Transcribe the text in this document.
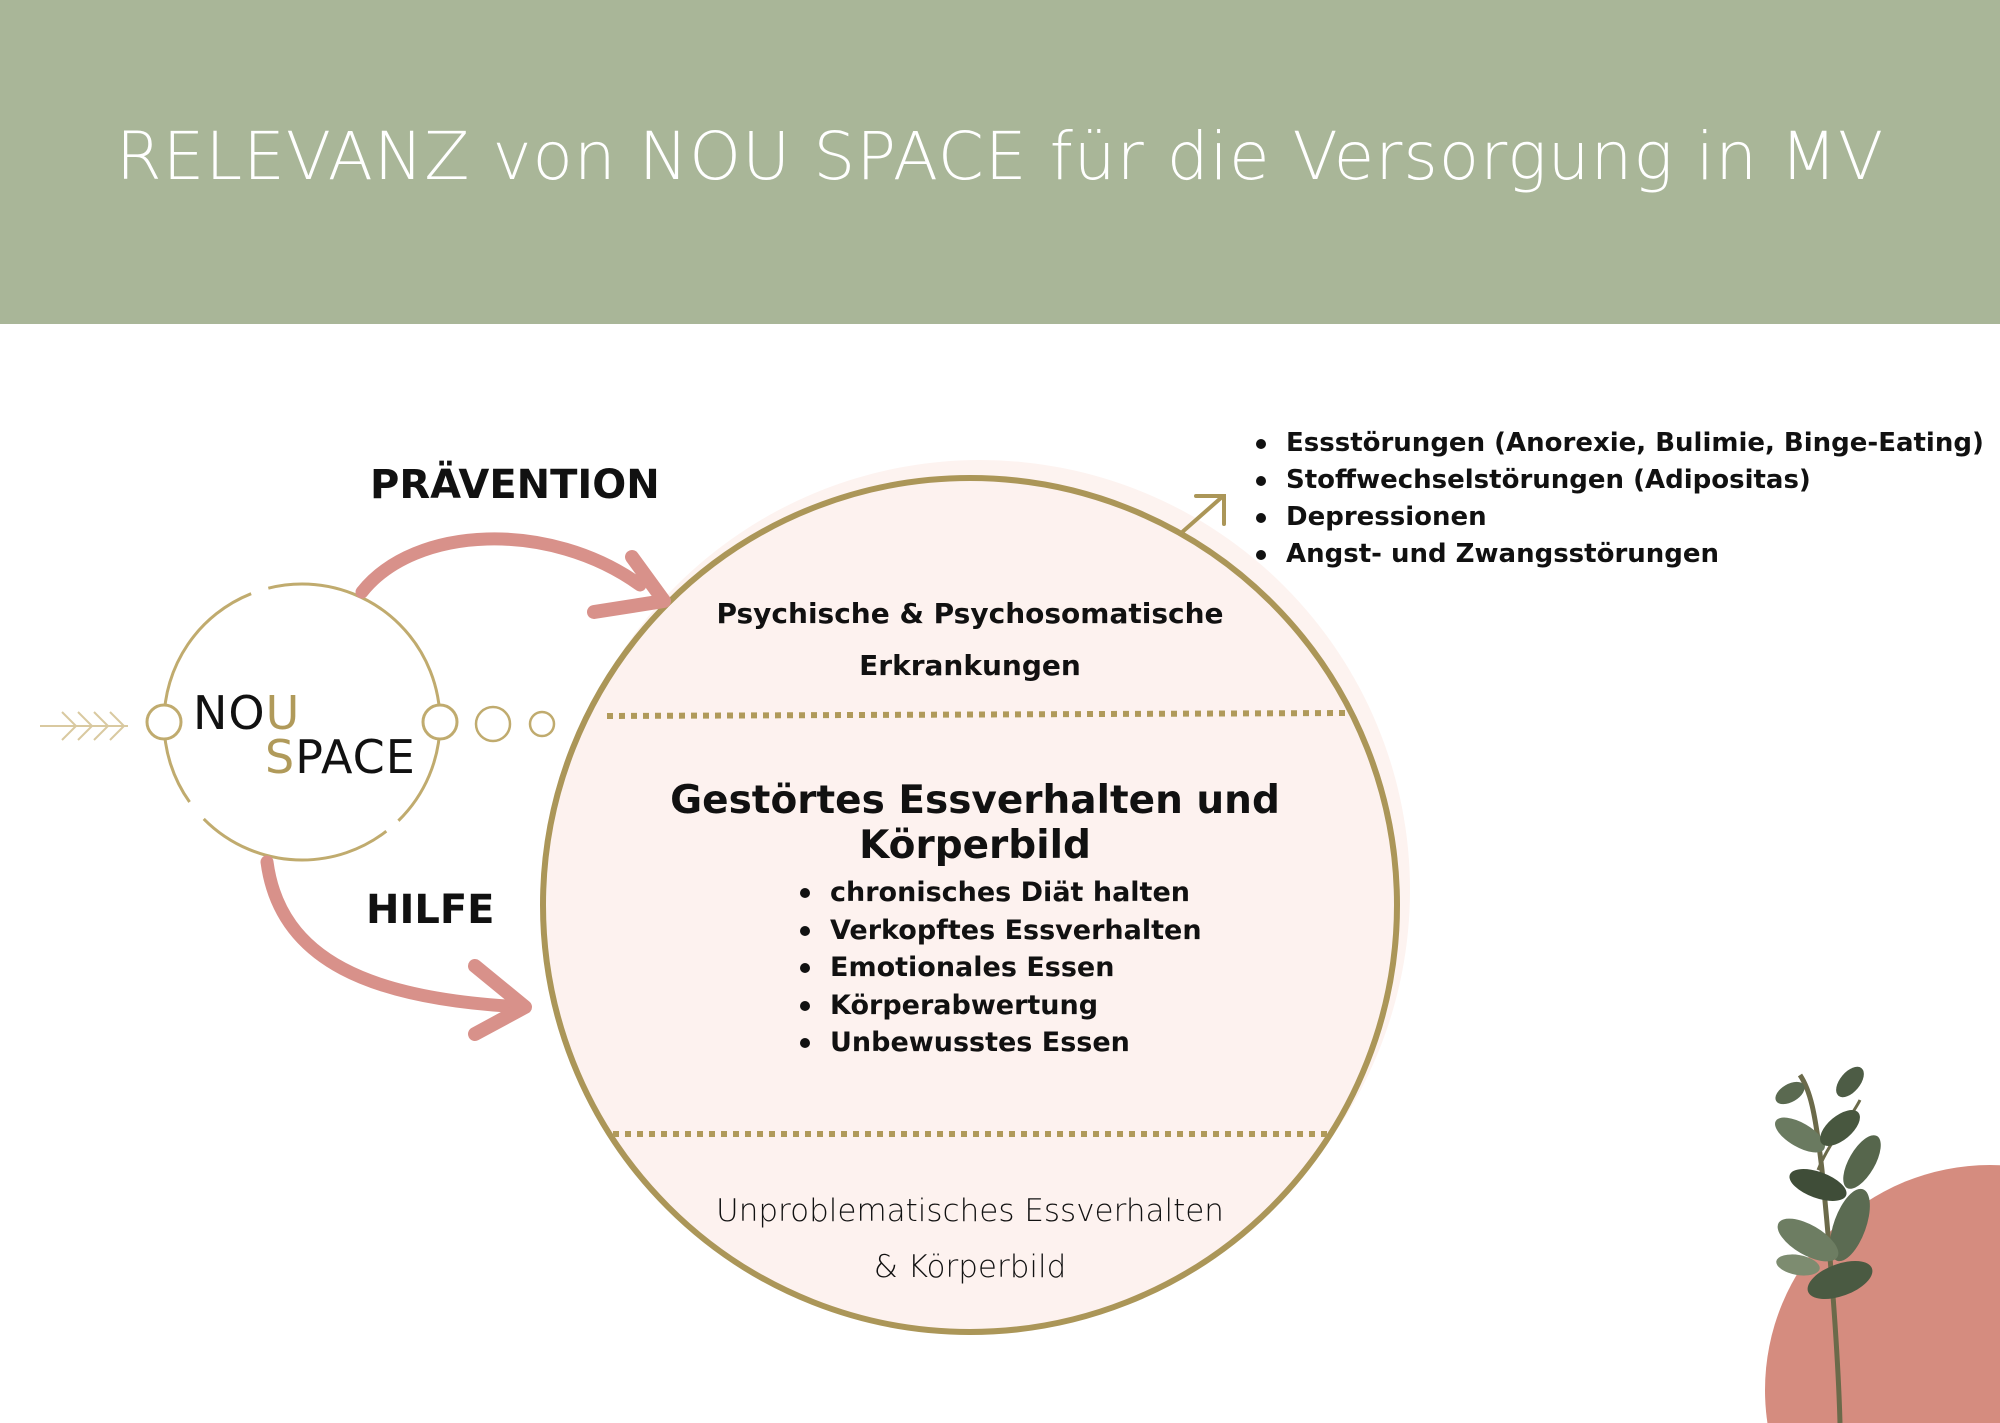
RELEVANZ von NOU SPACE für die Versorgung in MV
PRÄVENTION
HILFE
NOU
SPACE
Psychische & Psychosomatische
Erkrankungen
Gestörtes Essverhalten und Körperbild
chronisches Diät halten
Verkopftes Essverhalten
Emotionales Essen
Körperabwertung
Unbewusstes Essen
Unproblematisches Essverhalten
& Körperbild
Essstörungen (Anorexie, Bulimie, Binge-Eating)
Stoffwechselstörungen (Adipositas)
Depressionen
Angst- und Zwangsstörungen
